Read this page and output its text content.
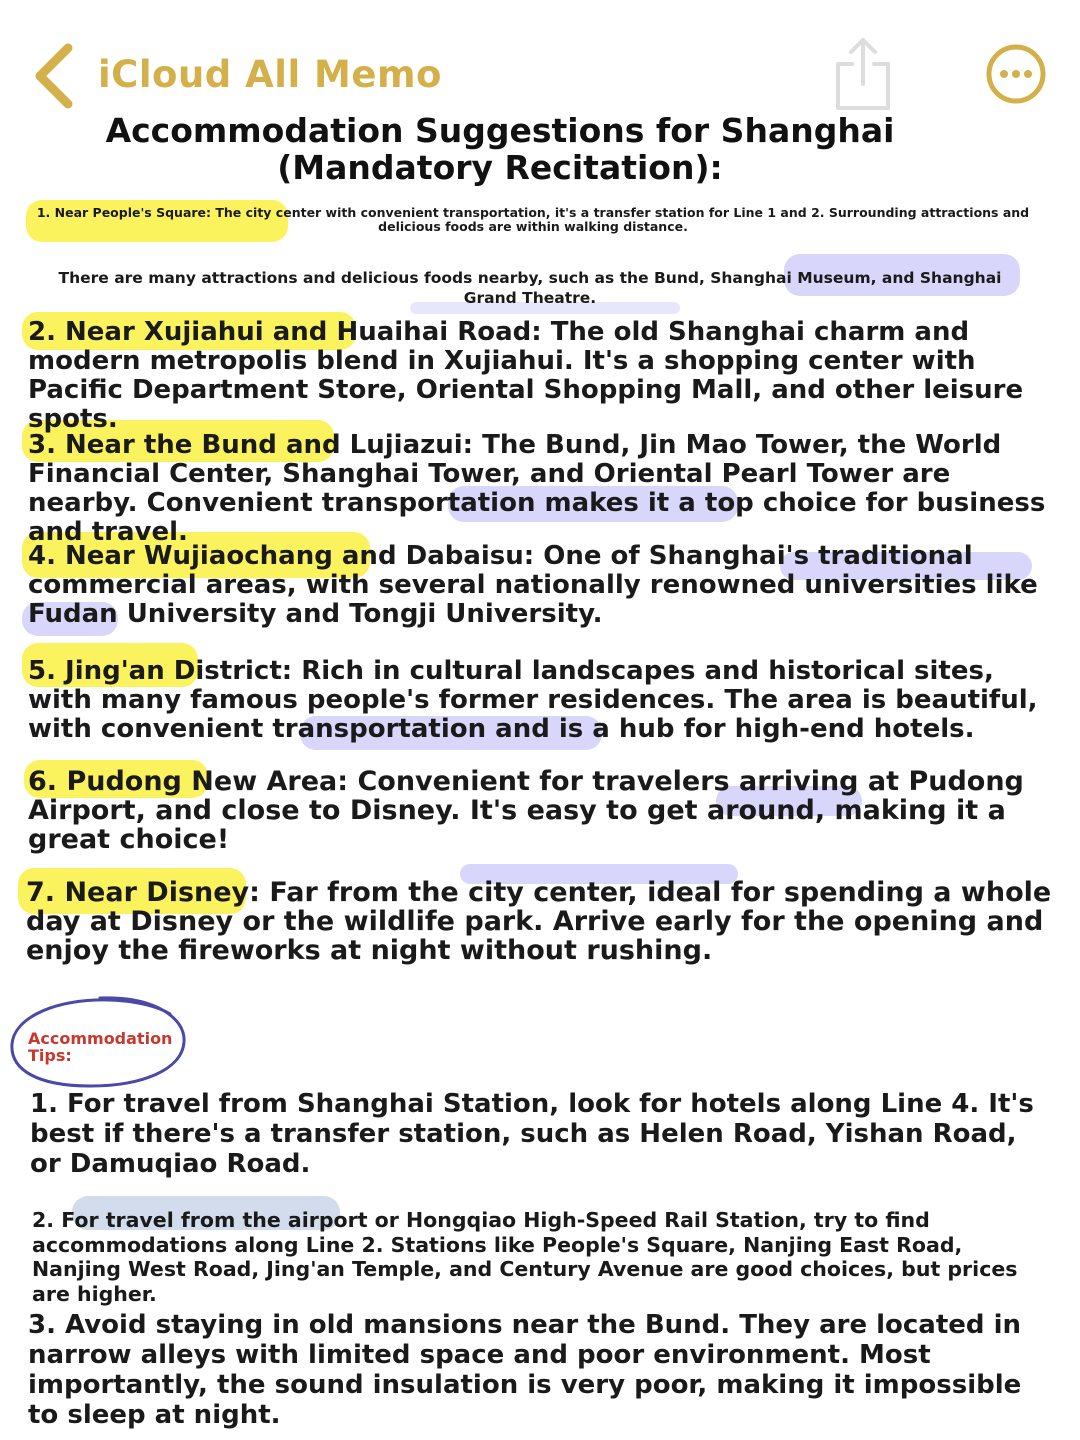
iCloud All Memo
Accommodation Suggestions for Shanghai (Mandatory Recitation):
1. Near People's Square: The city center with convenient transportation, it's a transfer station for Line 1 and 2. Surrounding attractions and delicious foods are within walking distance.
There are many attractions and delicious foods nearby, such as the Bund, Shanghai Museum, and Shanghai Grand Theatre.
2. Near Xujiahui and Huaihai Road: The old Shanghai charm and modern metropolis blend in Xujiahui. It's a shopping center with Pacific Department Store, Oriental Shopping Mall, and other leisure spots.
3. Near the Bund and Lujiazui: The Bund, Jin Mao Tower, the World Financial Center, Shanghai Tower, and Oriental Pearl Tower are nearby. Convenient transportation makes it a top choice for business and travel.
4. Near Wujiaochang and Dabaisu: One of Shanghai's traditional commercial areas, with several nationally renowned universities like Fudan University and Tongji University.
5. Jing'an District: Rich in cultural landscapes and historical sites, with many famous people's former residences. The area is beautiful, with convenient transportation and is a hub for high-end hotels.
6. Pudong New Area: Convenient for travelers arriving at Pudong Airport, and close to Disney. It's easy to get around, making it a great choice!
7. Near Disney: Far from the city center, ideal for spending a whole day at Disney or the wildlife park. Arrive early for the opening and enjoy the fireworks at night without rushing.
Accommodation Tips:
1. For travel from Shanghai Station, look for hotels along Line 4. It's best if there's a transfer station, such as Helen Road, Yishan Road, or Damuqiao Road.
2. For travel from the airport or Hongqiao High-Speed Rail Station, try to find accommodations along Line 2. Stations like People's Square, Nanjing East Road, Nanjing West Road, Jing'an Temple, and Century Avenue are good choices, but prices are higher.
3. Avoid staying in old mansions near the Bund. They are located in narrow alleys with limited space and poor environment. Most importantly, the sound insulation is very poor, making it impossible to sleep at night.
